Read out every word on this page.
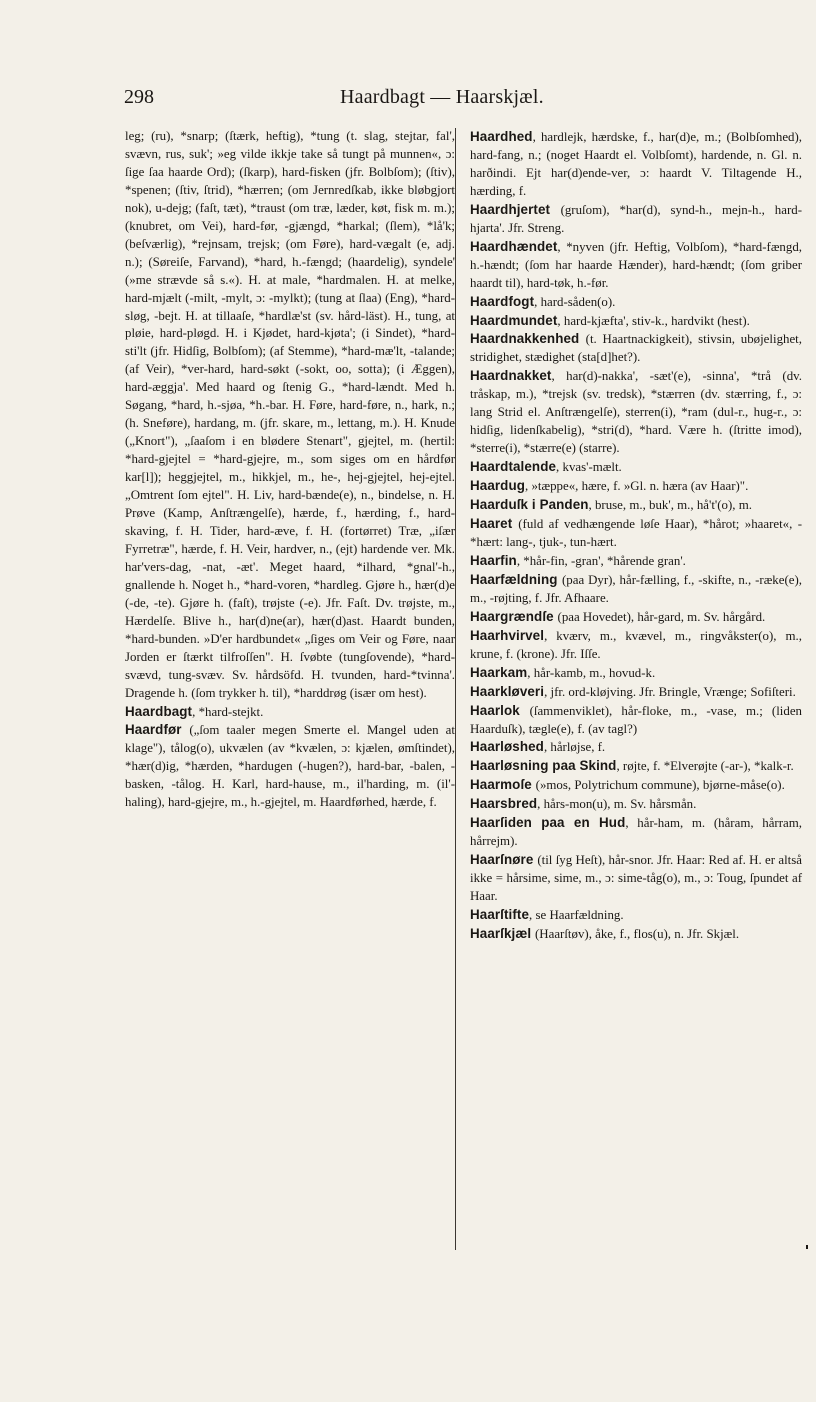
298	Haardbagt — Haarskjæl.

leg; (ru), *snarp; (ſtærk, heftig), *tung (t. slag, stejtar, fal', svævn, rus, suk'; »eg vilde ikkje take så tungt på munnen«, ɔ: ſige ſaa haarde Ord); (ſkarp), hard-fisken (jfr. Bolbſom); (ſtiv), *spenen; (ſtiv, ſtrid), *hærren; (om Jernredſkab, ikke bløbgjort nok), u-dejg; (faſt, tæt), *traust (om træ, læder, køt, fisk m. m.); (knubret, om Vei), hard-før, -gjængd, *harkal; (ſlem), *lå'k; (beſværlig), *rejnsam, trejsk; (om Føre), hard-vægalt (e, adj. n.); (Søreiſe, Farvand), *hard, h.-fængd; (haardelig), syndele' (»me strævde så s.«). H. at male, *hardmalen. H. at melke, hard-mjælt (-milt, -mylt, ɔ: -mylkt); (tung at ſlaa) (Eng), *hard-sløg, -bejt. H. at tillaaſe, *hardlæ'st (sv. hård-läst). H., tung, at pløie, hard-pløgd. H. i Kjødet, hard-kjøta'; (i Sindet), *hard-sti'lt (jfr. Hidſig, Bolbſom); (af Stemme), *hard-mæ'lt, -talande; (af Veir), *ver-hard, hard-søkt (-sokt, oo, sotta); (i Æggen), hard-æggja'. Med haard og ſtenig G., *hard-lændt. Med h. Søgang, *hard, h.-sjøa, *h.-bar. H. Føre, hard-føre, n., hark, n.; (h. Sneføre), hardang, m. (jfr. skare, m., lettang, m.). H. Knude („Knort"), „ſaaſom i en blødere Stenart", gjejtel, m. (hertil: *hard-gjejtel = *hard-gjejre, m., som siges om en hårdfør kar[l]); heggjejtel, m., hikkjel, m., he-, hej-gjejtel, hej-ejtel. „Omtrent ſom ejtel". H. Liv, hard-bænde(e), n., bindelse, n. H. Prøve (Kamp, Anſtrængelſe), hærde, f., hærding, f., hard-skaving, f. H. Tider, hard-æve, f. H. (fortørret) Træ, „iſær Fyrretræ", hærde, f. H. Veir, hardver, n., (ejt) hardende ver. Mk. har'vers-dag, -nat, -æt'. Meget haard, *ilhard, *gnal'-h., gnallende h. Noget h., *hard-voren, *hardleg. Gjøre h., hær(d)e (-de, -te). Gjøre h. (faſt), trøjste (-e). Jfr. Faſt. Dv. trøjste, m., Hærdelſe. Blive h., har(d)ne(ar), hær(d)ast. Haardt bunden, *hard-bunden. »D'er hardbundet« „ſiges om Veir og Føre, naar Jorden er ſtærkt tilfroſſen". H. ſvøbte (tungſovende), *hard-svævd, tung-svæv. Sv. hårdsöfd. H. tvunden, hard-*tvinna'. Dragende h. (ſom trykker h. til), *harddrøg (især om hest).

Haardbagt, *hard-stejkt.

Haardfør („ſom taaler megen Smerte el. Mangel uden at klage"), tålog(o), ukvælen (av *kvælen, ɔ: kjælen, ømſtindet), *hær(d)ig, *hærden, *hardugen (-hugen?), hard-bar, -balen, -basken, -tålog. H. Karl, hard-hause, m., il'harding, m. (il'-haling), hard-gjejre, m., h.-gjejtel, m. Haardførhed, hærde, f.

Haardhed, hardlejk, hærdske, f., har(d)e, m.; (Bolbſomhed), hard-fang, n.; (noget Haardt el. Volbſomt), hardende, n. Gl. n. harðindi. Ejt har(d)ende-ver, ɔ: haardt V. Tiltagende H., hærding, f.

Haardhjertet (gruſom), *har(d), synd-h., mejn-h., hard-hjarta'. Jfr. Streng.

Haardhændet, *nyven (jfr. Heftig, Volbſom), *hard-fængd, h.-hændt; (ſom har haarde Hænder), hard-hændt; (ſom griber haardt til), hard-tøk, h.-før.

Haardfogt, hard-såden(o).

Haardmundet, hard-kjæfta', stiv-k., hardvikt (hest).

Haardnakkenhed (t. Haartnackigkeit), stivsin, ubøjelighet, stridighet, stædighet (sta[d]het?).

Haardnakket, har(d)-nakka', -sæt'(e), -sinna', *trå (dv. tråskap, m.), *trejsk (sv. tredsk), *stærren (dv. stærring, f., ɔ: lang Strid el. Anſtrængelſe), sterren(i), *ram (dul-r., hug-r., ɔ: hidſig, lidenſkabelig), *stri(d), *hard. Være h. (ſtritte imod), *sterre(i), *stærre(e) (starre).

Haardtalende, kvas'-mælt.

Haardug, »tæppe«, hære, f. »Gl. n. hæra (av Haar)".

Haarduſk i Panden, bruse, m., buk', m., hå't'(o), m.

Haaret (fuld af vedhængende løſe Haar), *hårot; »haaret«, -*hært: lang-, tjuk-, tun-hært.

Haarfin, *hår-fin, -gran', *hårende gran'.

Haarfældning (paa Dyr), hår-fælling, f., -skifte, n., -ræke(e), m., -røjting, f. Jfr. Afhaare.

Haargrændſe (paa Hovedet), hår-gard, m. Sv. hårgård.

Haarhvirvel, kværv, m., kvævel, m., ringvåkster(o), m., krune, f. (krone). Jfr. Iſſe.

Haarkam, hår-kamb, m., hovud-k.

Haarkløveri, jfr. ord-kløjving. Jfr. Bringle, Vrænge; Sofiſteri.

Haarlok (ſammenviklet), hår-floke, m., -vase, m.; (liden Haarduſk), tægle(e), f. (av tagl?)

Haarløshed, hårløjse, f.

Haarløsning paa Skind, røjte, f. *Elverøjte (-ar-), *kalk-r.

Haarmoſe (»mos, Polytrichum commune), bjørne-måse(o).

Haarsbred, hårs-mon(u), m. Sv. hårsmån.

Haarſiden paa en Hud, hår-ham, m. (håram, hårram, hårrejm).

Haarſnøre (til ſyg Heſt), hår-snor. Jfr. Haar: Red af. H. er altså ikke = hårsime, sime, m., ɔ: sime-tåg(o), m., ɔ: Toug, ſpundet af Haar.

Haarſtifte, se Haarfældning.

Haarſkjæl (Haarſtøv), åke, f., flos(u), n. Jfr. Skjæl.
